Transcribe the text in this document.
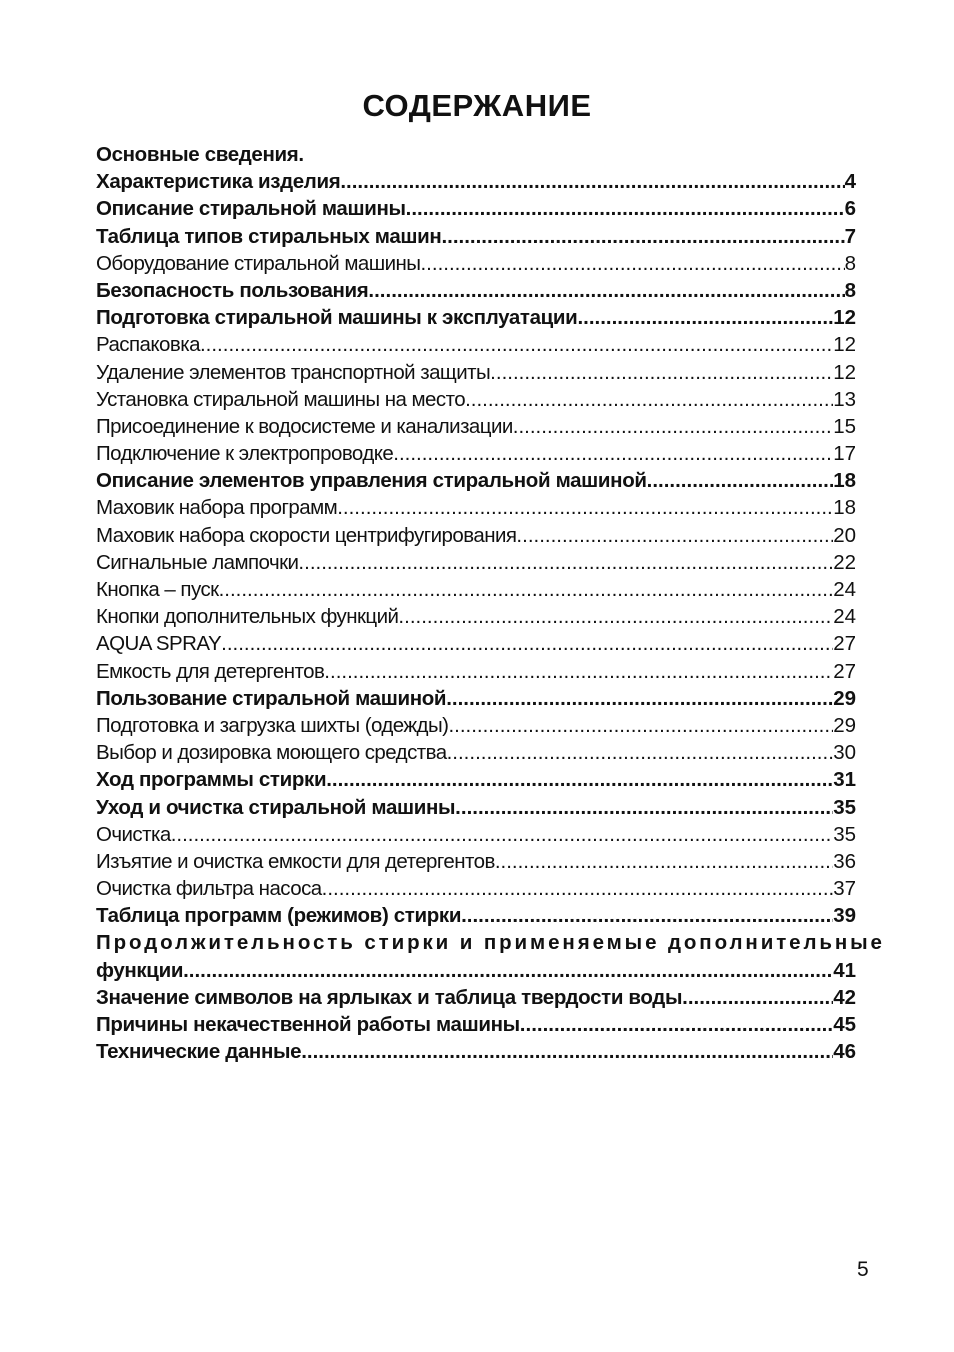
СОДЕРЖАНИЕ
Основные сведения.
Характеристика изделия .....	4
Описание стиральной машины .....	6
Таблица типов стиральных машин .....	7
Оборудование стиральной машины .....	8
Безопасность пользования .....	8
Подготовка стиральной машины к эксплуатации .....	12
Распаковка .....	12
Удаление элементов транспортной защиты .....	12
Установка стиральной машины на место .....	13
Присоединение к водосистеме и канализации .....	15
Подключение к электропроводке .....	17
Описание элементов управления стиральной машиной .....	18
Маховик набора программ .....	18
Маховик набора скорости центрифугирования .....	20
Сигнальные лампочки .....	22
Кнопка – пуск .....	24
Кнопки дополнительных функций .....	24
AQUA SPRAY .....	27
Емкость для детергентов .....	27
Пользование стиральной машиной .....	29
Подготовка и загрузка шихты (одежды) .....	29
Выбор и дозировка моющего средства .....	30
Ход программы стирки .....	31
Уход и очистка стиральной машины .....	35
Очистка .....	35
Изъятие и очистка емкости для детергентов .....	36
Очистка фильтра насоса .....	37
Таблица программ (режимов) стирки .....	39
Продолжительность стирки и применяемые дополнительные
функции .....	41
Значение символов на ярлыках и таблица твердости воды .....	42
Причины некачественной работы машины .....	45
Технические данные .....	46
5
